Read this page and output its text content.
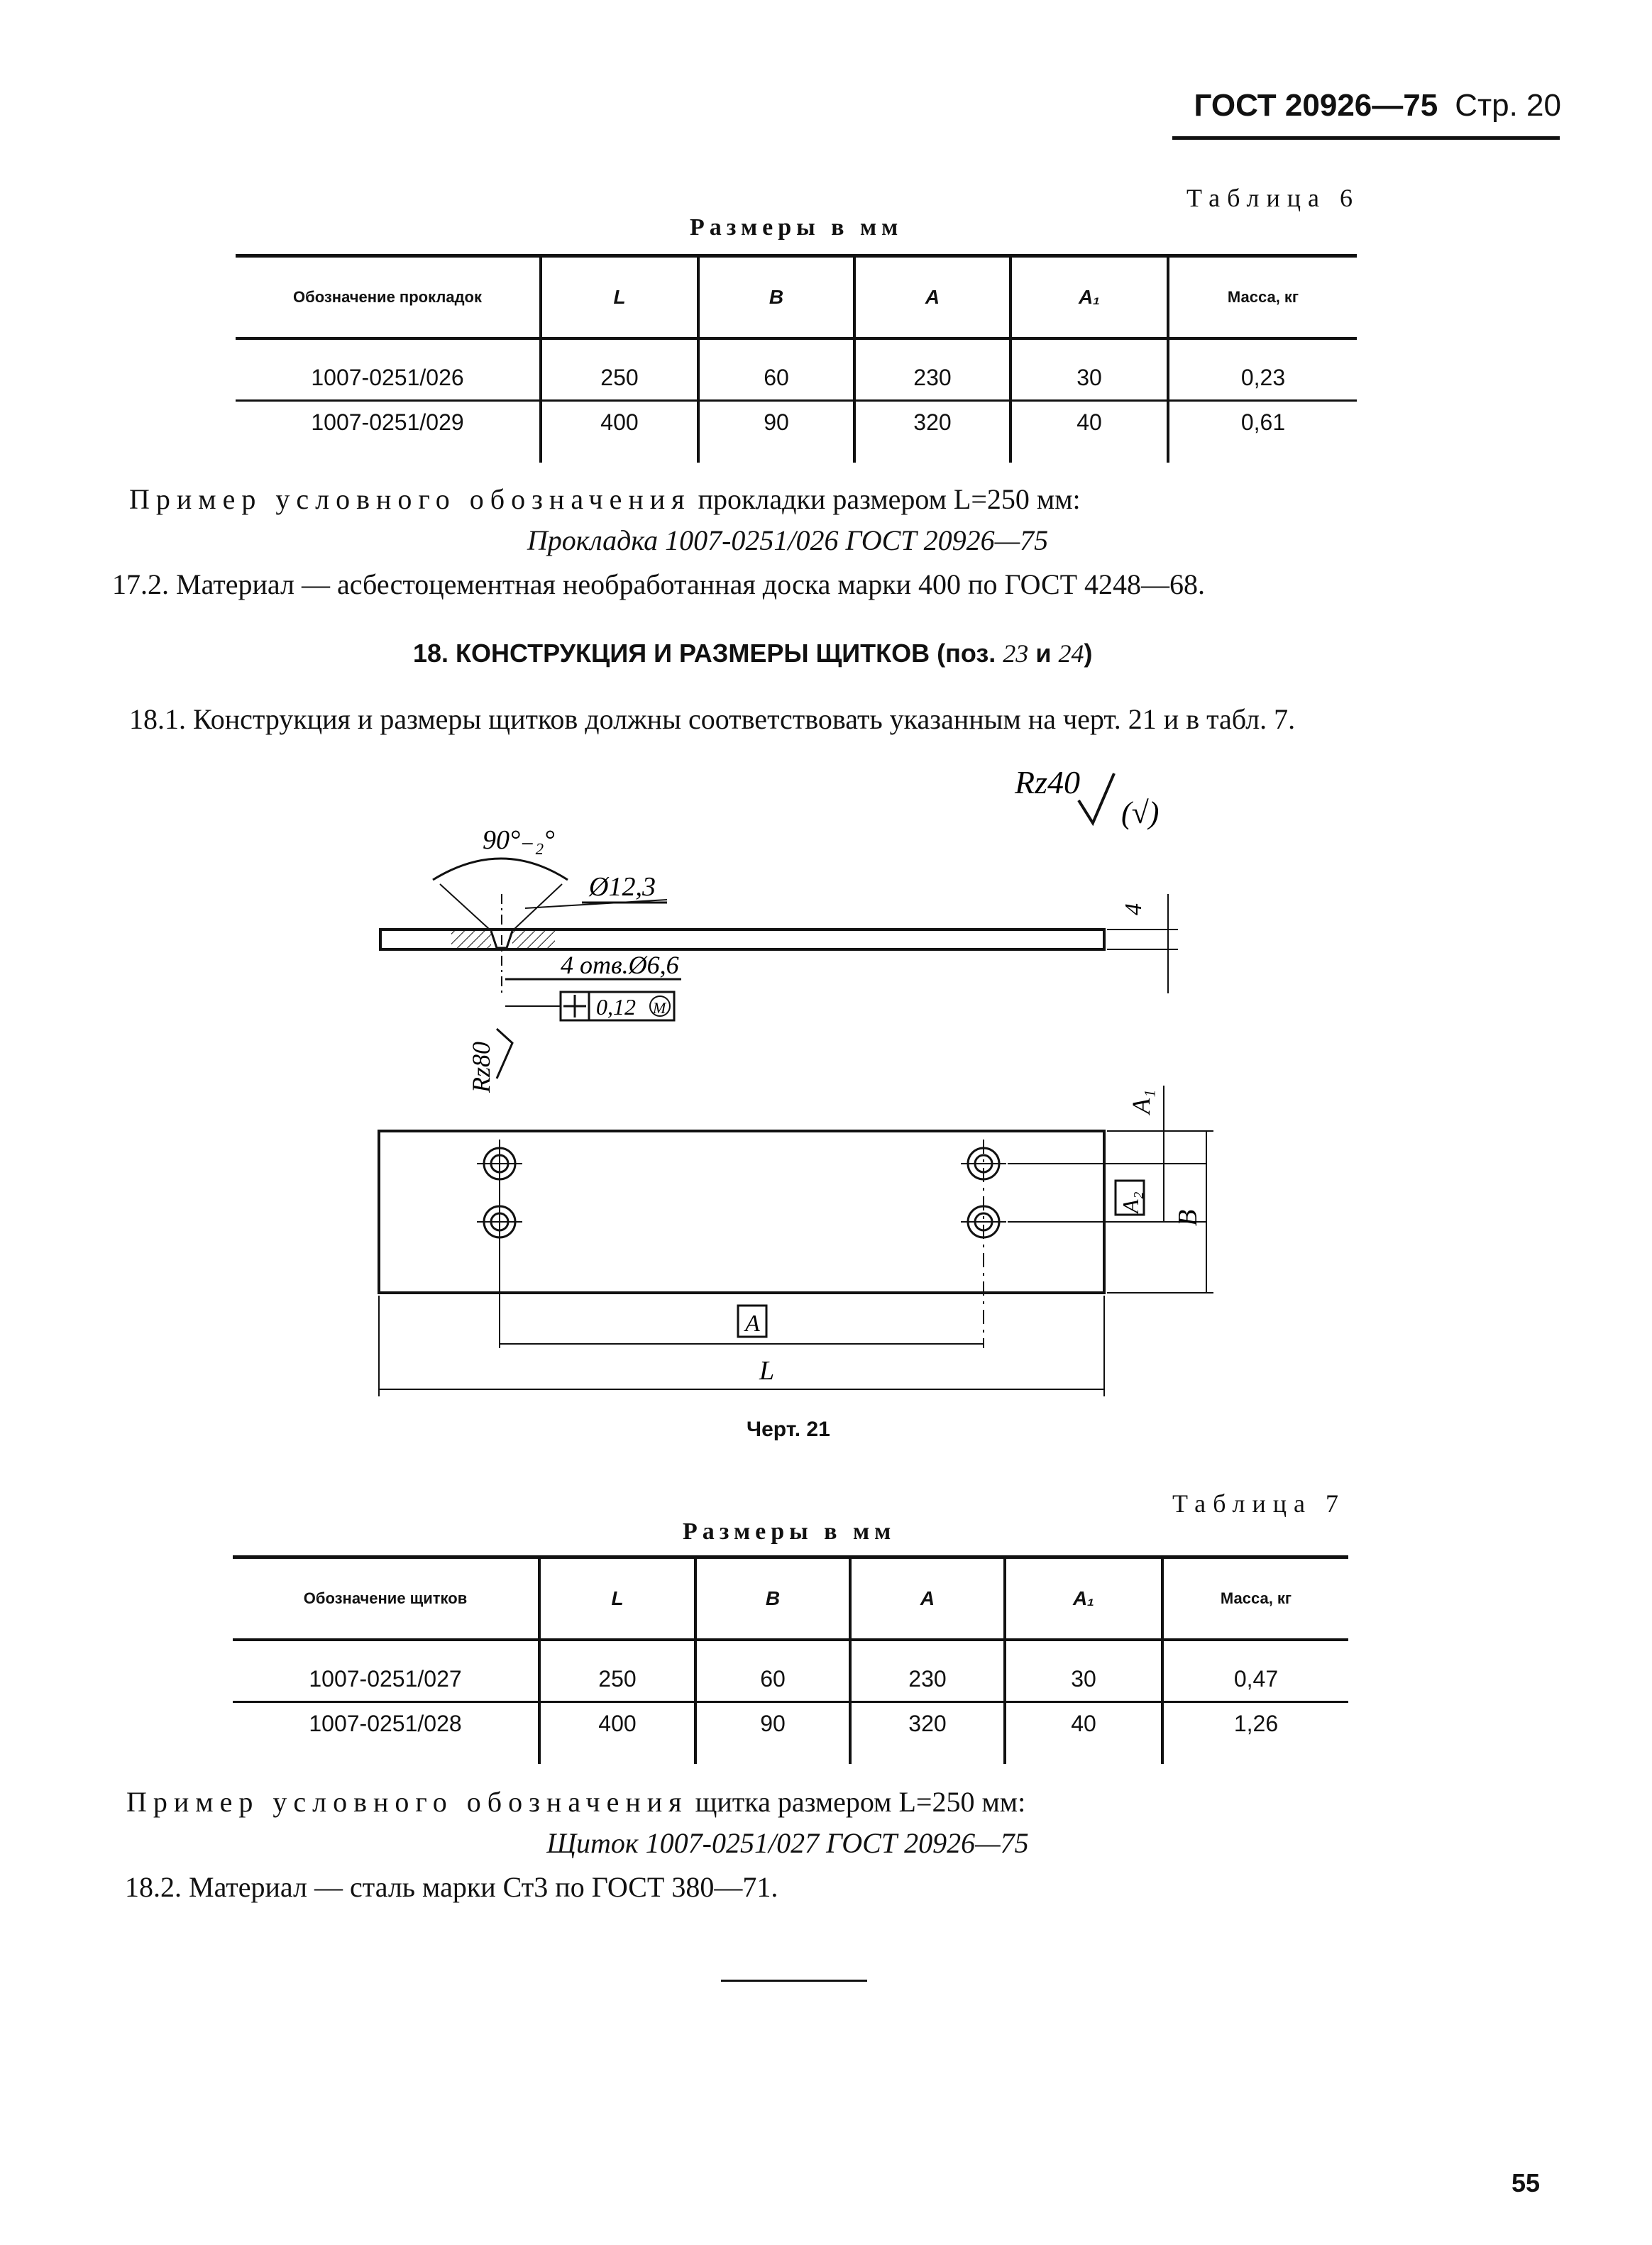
ГОСТ 20926—75 Стр. 20
Таблица 6
Размеры в мм
Обозначение прокладок	L	B	A	A₁	Масса, кг
1007-0251/026	250	60	230	30	0,23
1007-0251/029	400	90	320	40	0,61
Пример условного обозначения прокладки размером L=250 мм:
Прокладка 1007-0251/026 ГОСТ 20926—75
17.2. Материал — асбестоцементная необработанная доска марки 400 по ГОСТ 4248—68.
18. КОНСТРУКЦИЯ И РАЗМЕРЫ ЩИТКОВ (поз. 23 и 24)
18.1. Конструкция и размеры щитков должны соответствовать указанным на черт. 21 и в табл. 7.
Rz40
(√)
90°₋₂°
Ø12,3
4
4 отв.Ø6,6
0,12 M
Rz80
A₁
A₂
B
A
L
Черт. 21
Таблица 7
Размеры в мм
Обозначение щитков	L	B	A	A₁	Масса, кг
1007-0251/027	250	60	230	30	0,47
1007-0251/028	400	90	320	40	1,26
Пример условного обозначения щитка размером L=250 мм:
Щиток 1007-0251/027 ГОСТ 20926—75
18.2. Материал — сталь марки Ст3 по ГОСТ 380—71.
55
